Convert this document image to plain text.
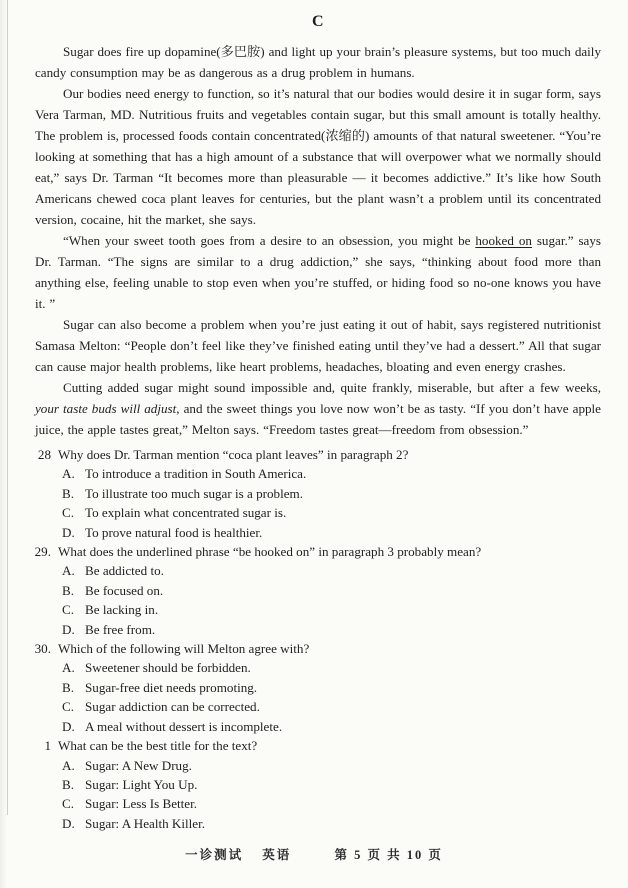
C

Sugar does fire up dopamine(多巴胺) and light up your brain’s pleasure systems, but too much daily candy consumption may be as dangerous as a drug problem in humans.

Our bodies need energy to function, so it’s natural that our bodies would desire it in sugar form, says Vera Tarman, MD. Nutritious fruits and vegetables contain sugar, but this small amount is totally healthy. The problem is, processed foods contain concentrated(浓缩的) amounts of that natural sweetener. “You’re looking at something that has a high amount of a substance that will overpower what we normally should eat,” says Dr. Tarman “It becomes more than pleasurable — it becomes addictive.” It’s like how South Americans chewed coca plant leaves for centuries, but the plant wasn’t a problem until its concentrated version, cocaine, hit the market, she says.

“When your sweet tooth goes from a desire to an obsession, you might be hooked on sugar.” says Dr. Tarman. “The signs are similar to a drug addiction,” she says, “thinking about food more than anything else, feeling unable to stop even when you’re stuffed, or hiding food so no-one knows you have it. ”

Sugar can also become a problem when you’re just eating it out of habit, says registered nutritionist Samasa Melton: “People don’t feel like they’ve finished eating until they’ve had a dessert.” All that sugar can cause major health problems, like heart problems, headaches, bloating and even energy crashes.

Cutting added sugar might sound impossible and, quite frankly, miserable, but after a few weeks, your taste buds will adjust, and the sweet things you love now won’t be as tasty. “If you don’t have apple juice, the apple tastes great,” Melton says. “Freedom tastes great—freedom from obsession.”

28 Why does Dr. Tarman mention “coca plant leaves” in paragraph 2?
A. To introduce a tradition in South America.
B. To illustrate too much sugar is a problem.
C. To explain what concentrated sugar is.
D. To prove natural food is healthier.
29. What does the underlined phrase “be hooked on” in paragraph 3 probably mean?
A. Be addicted to.
B. Be focused on.
C. Be lacking in.
D. Be free from.
30. Which of the following will Melton agree with?
A. Sweetener should be forbidden.
B. Sugar-free diet needs promoting.
C. Sugar addiction can be corrected.
D. A meal without dessert is incomplete.
1 What can be the best title for the text?
A. Sugar: A New Drug.
B. Sugar: Light You Up.
C. Sugar: Less Is Better.
D. Sugar: A Health Killer.
一诊测试 英语	第 5 页 共 10 页
